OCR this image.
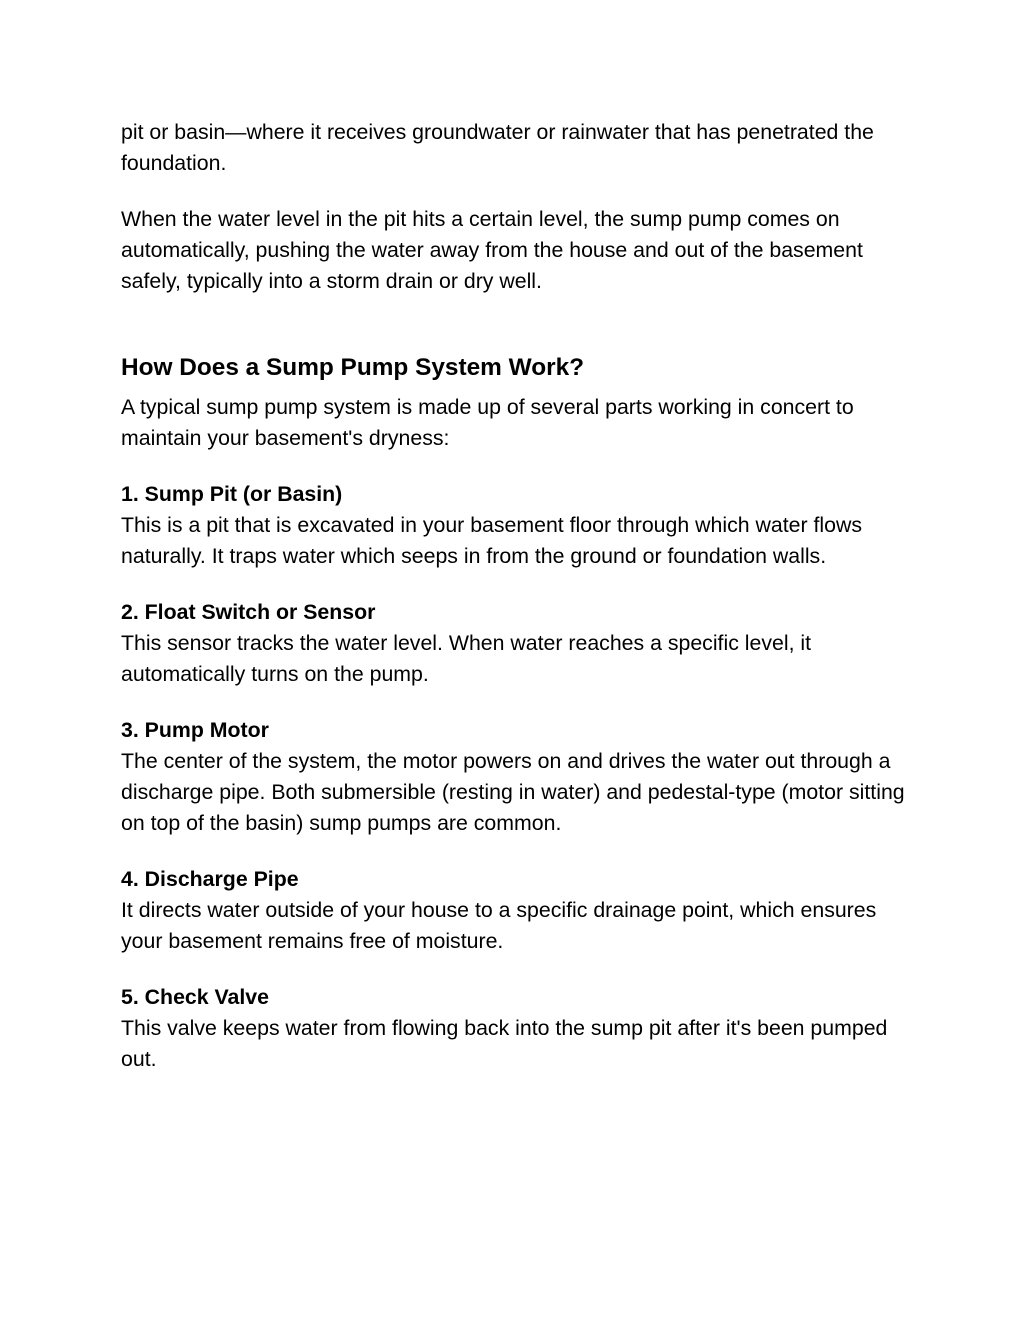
pit or basin—where it receives groundwater or rainwater that has penetrated the foundation.

When the water level in the pit hits a certain level, the sump pump comes on automatically, pushing the water away from the house and out of the basement safely, typically into a storm drain or dry well.

How Does a Sump Pump System Work?

A typical sump pump system is made up of several parts working in concert to maintain your basement's dryness:

1. Sump Pit (or Basin)

This is a pit that is excavated in your basement floor through which water flows naturally. It traps water which seeps in from the ground or foundation walls.

2. Float Switch or Sensor

This sensor tracks the water level. When water reaches a specific level, it automatically turns on the pump.

3. Pump Motor

The center of the system, the motor powers on and drives the water out through a discharge pipe. Both submersible (resting in water) and pedestal-type (motor sitting on top of the basin) sump pumps are common.

4. Discharge Pipe

It directs water outside of your house to a specific drainage point, which ensures your basement remains free of moisture.

5. Check Valve

This valve keeps water from flowing back into the sump pit after it's been pumped out.
